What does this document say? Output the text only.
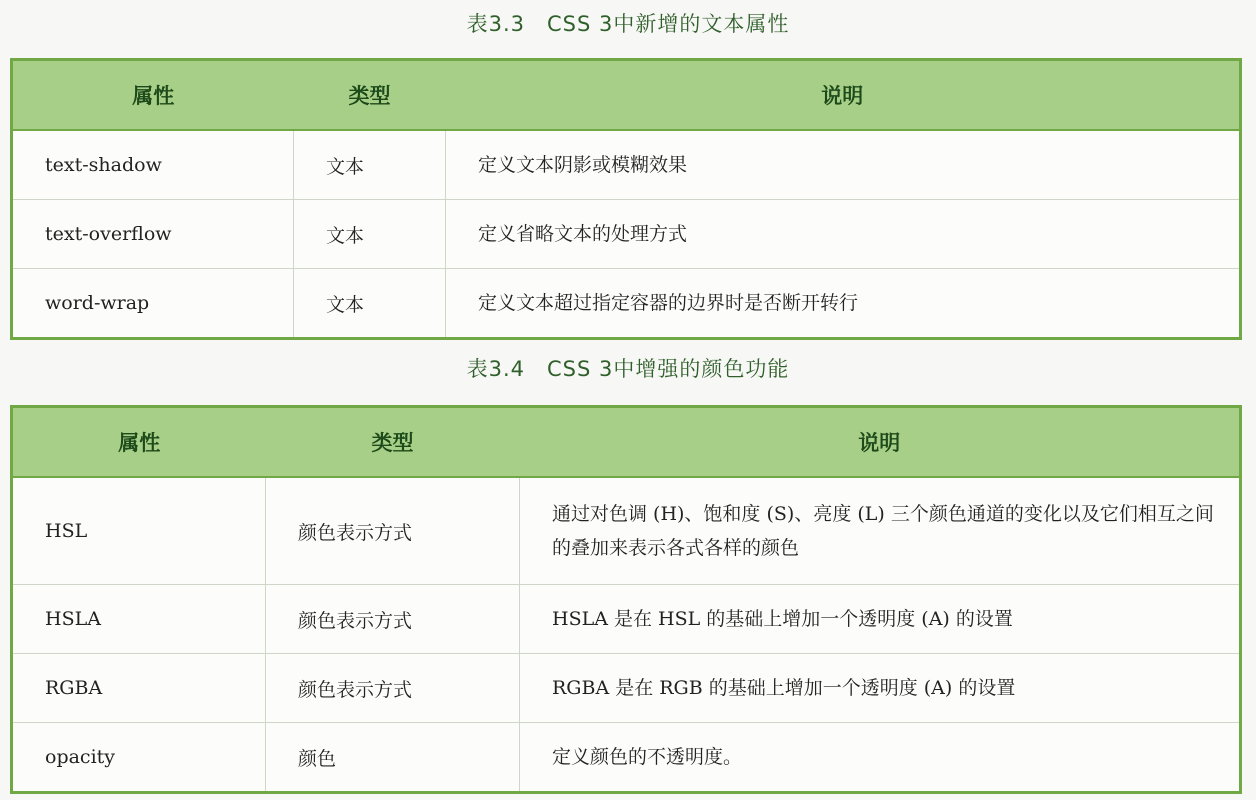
表3.3　CSS 3中新增的文本属性
属性	类型	说明
text-shadow	文本	定义文本阴影或模糊效果
text-overflow	文本	定义省略文本的处理方式
word-wrap	文本	定义文本超过指定容器的边界时是否断开转行
表3.4　CSS 3中增强的颜色功能
属性	类型	说明
HSL	颜色表示方式	通过对色调 (H)、饱和度 (S)、亮度 (L) 三个颜色通道的变化以及它们相互之间的叠加来表示各式各样的颜色
HSLA	颜色表示方式	HSLA 是在 HSL 的基础上增加一个透明度 (A) 的设置
RGBA	颜色表示方式	RGBA 是在 RGB 的基础上增加一个透明度 (A) 的设置
opacity	颜色	定义颜色的不透明度。
